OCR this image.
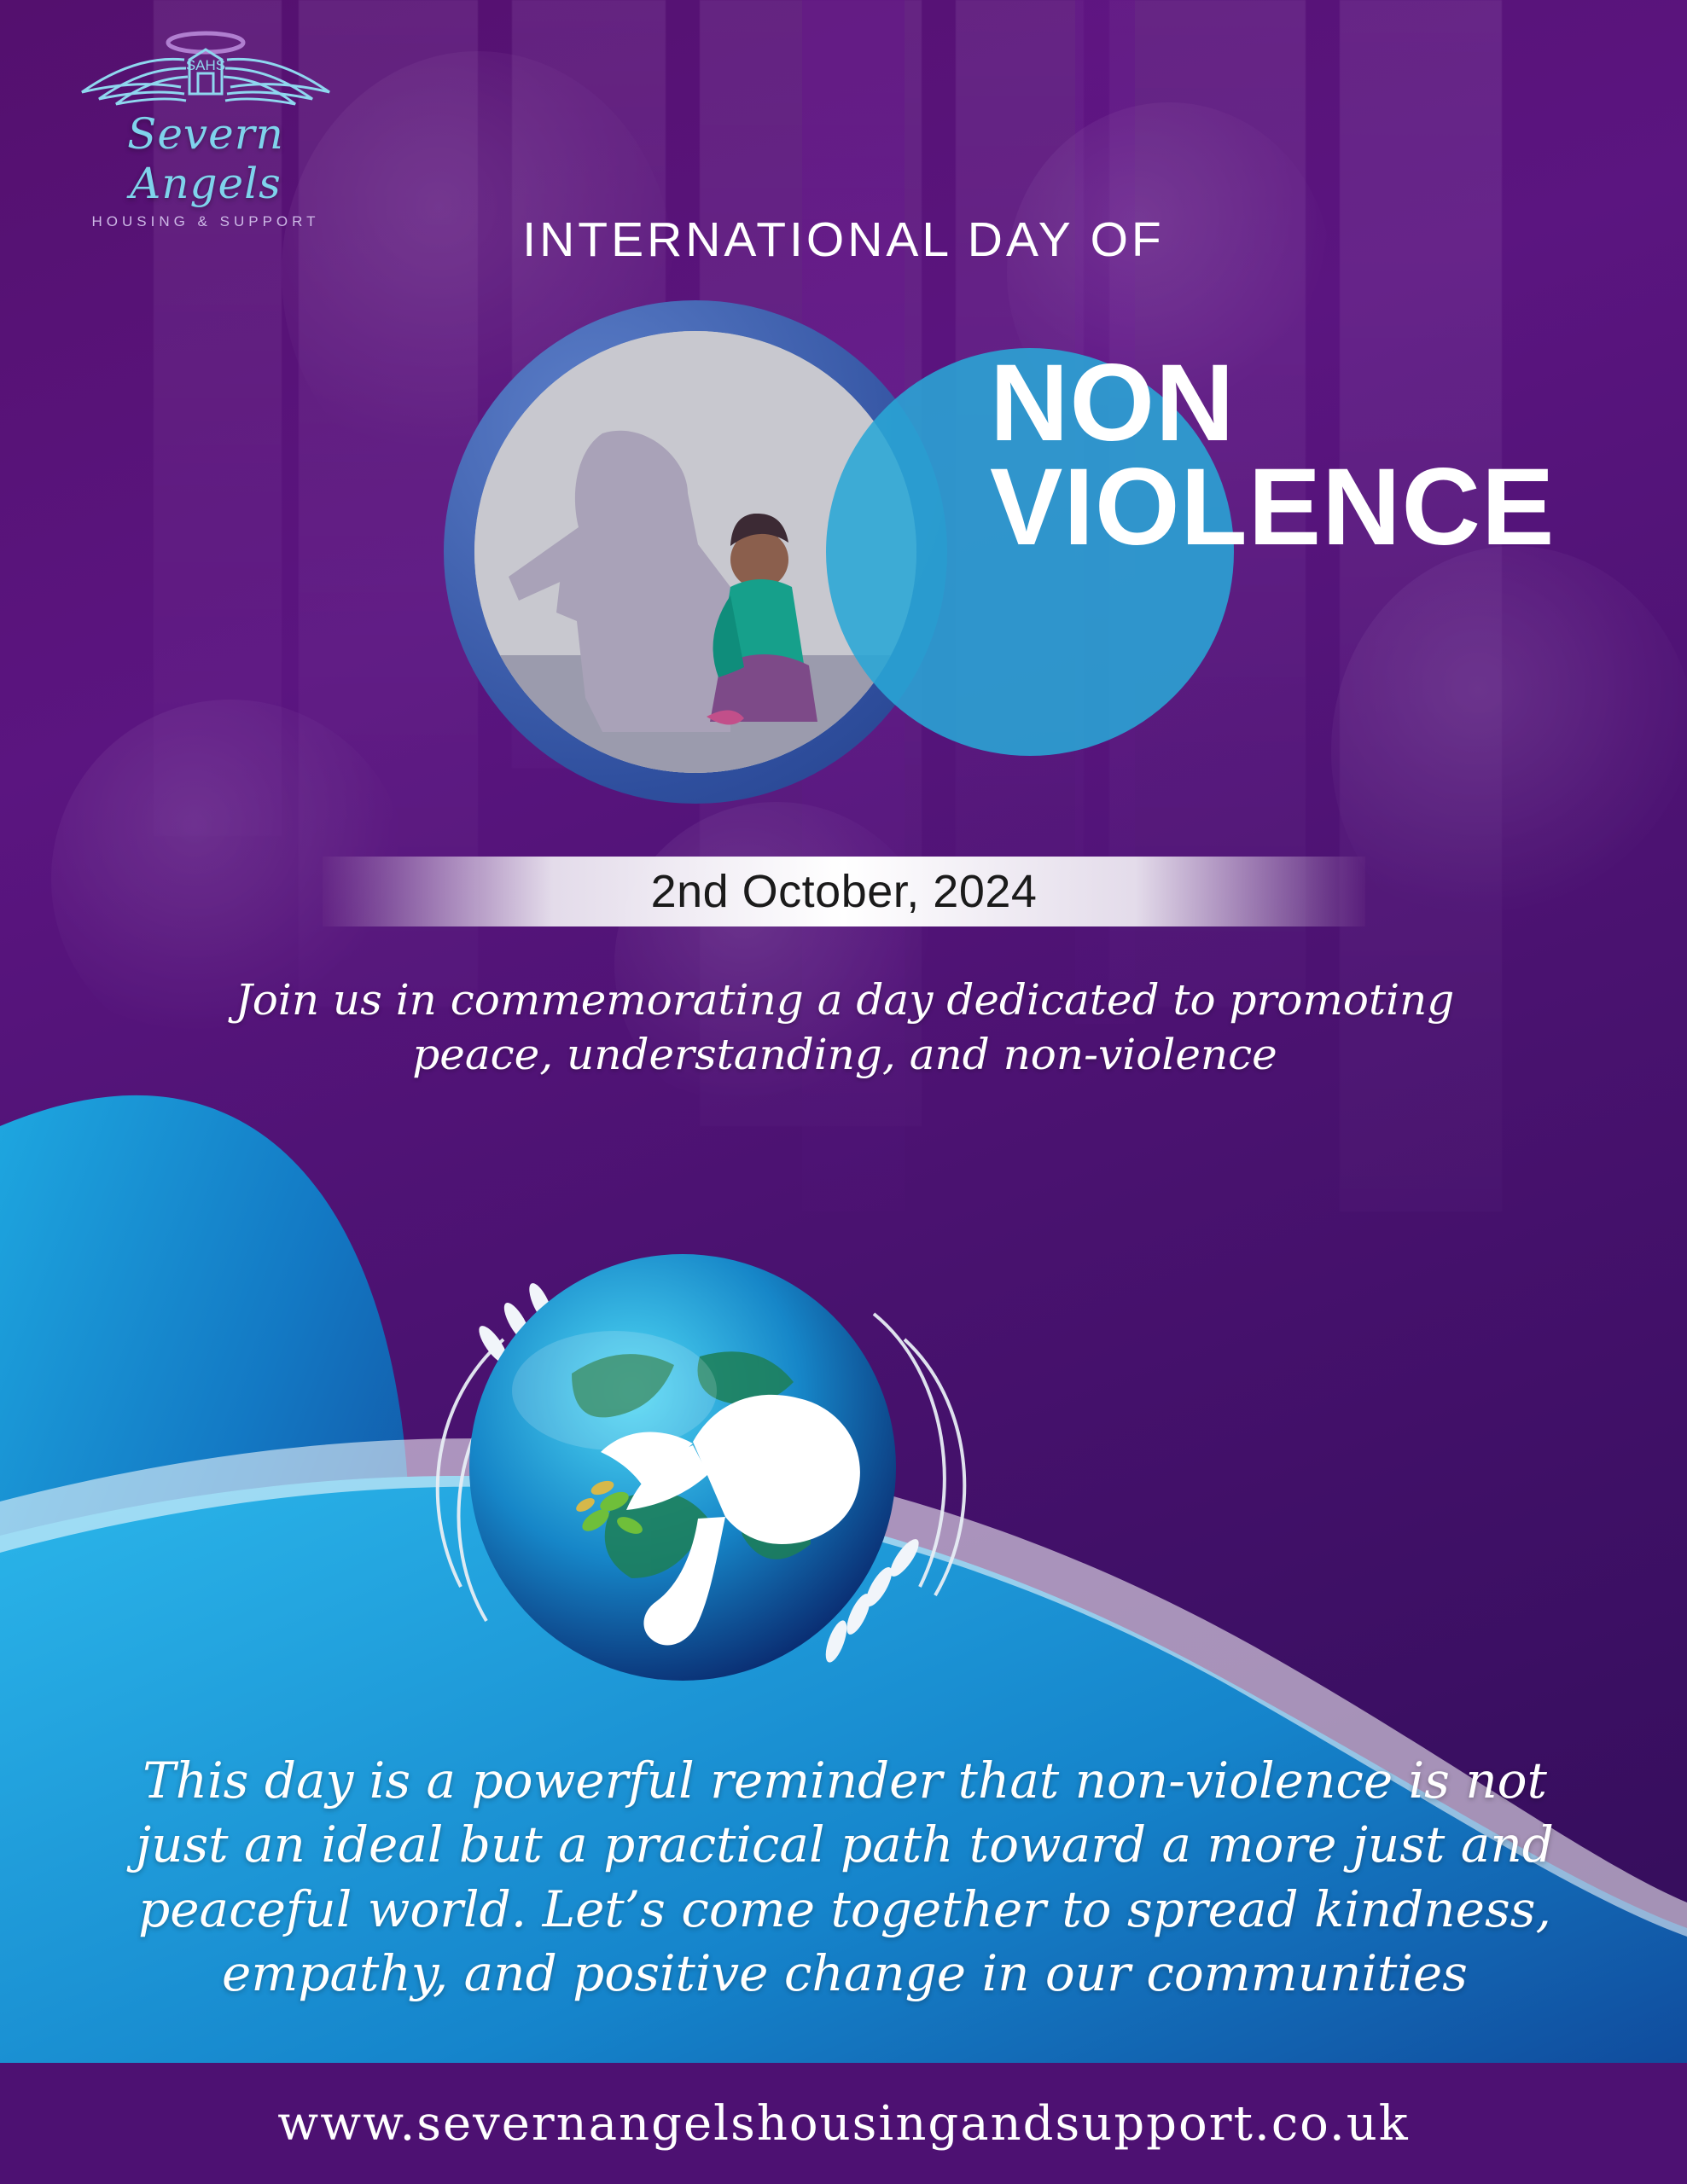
SAHS
Severn Angels
HOUSING & SUPPORT	INTERNATIONAL DAY OF
NON
VIOLENCE
2nd October, 2024
Join us in commemorating a day dedicated to promoting peace, understanding, and non-violence
This day is a powerful reminder that non-violence is not just an ideal but a practical path toward a more just and peaceful world. Let’s come together to spread kindness, empathy, and positive change in our communities
www.severnangelshousingandsupport.co.uk
